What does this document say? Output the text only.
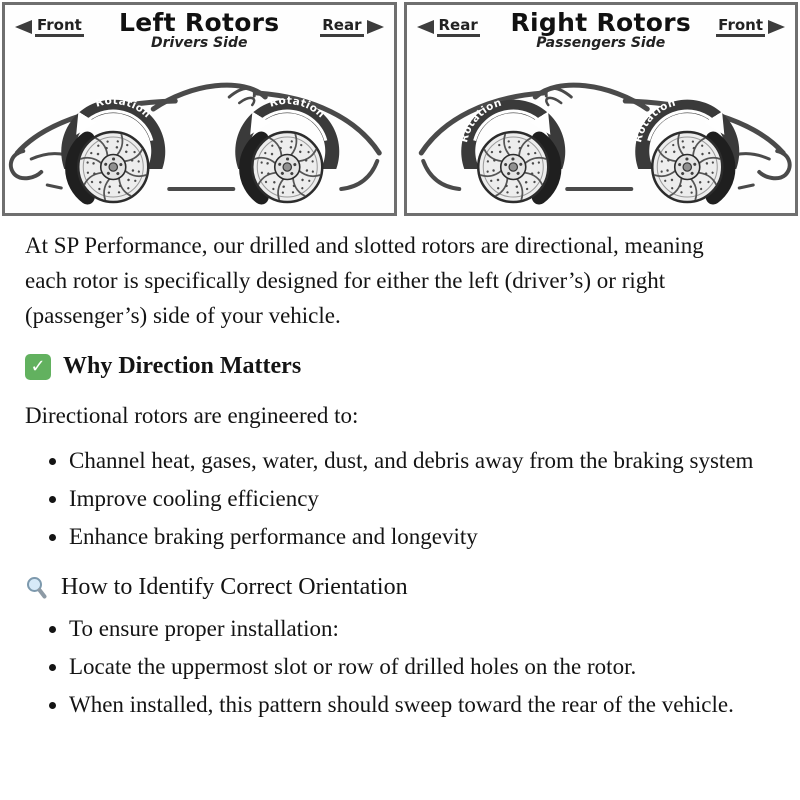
Front	Left Rotors
Drivers Side
Rear
Rotation
Rotation
Rear	Right Rotors
Passengers Side
Front
Rotation
Rotation

At SP Performance, our drilled and slotted rotors are directional, meaning each rotor is specifically designed for either the left (driver’s) or right (passenger’s) side of your vehicle.

✓ Why Direction Matters

Directional rotors are engineered to:

• Channel heat, gases, water, dust, and debris away from the braking system
• Improve cooling efficiency
• Enhance braking performance and longevity
How to Identify Correct Orientation
• To ensure proper installation:
• Locate the uppermost slot or row of drilled holes on the rotor.
• When installed, this pattern should sweep toward the rear of the vehicle.
